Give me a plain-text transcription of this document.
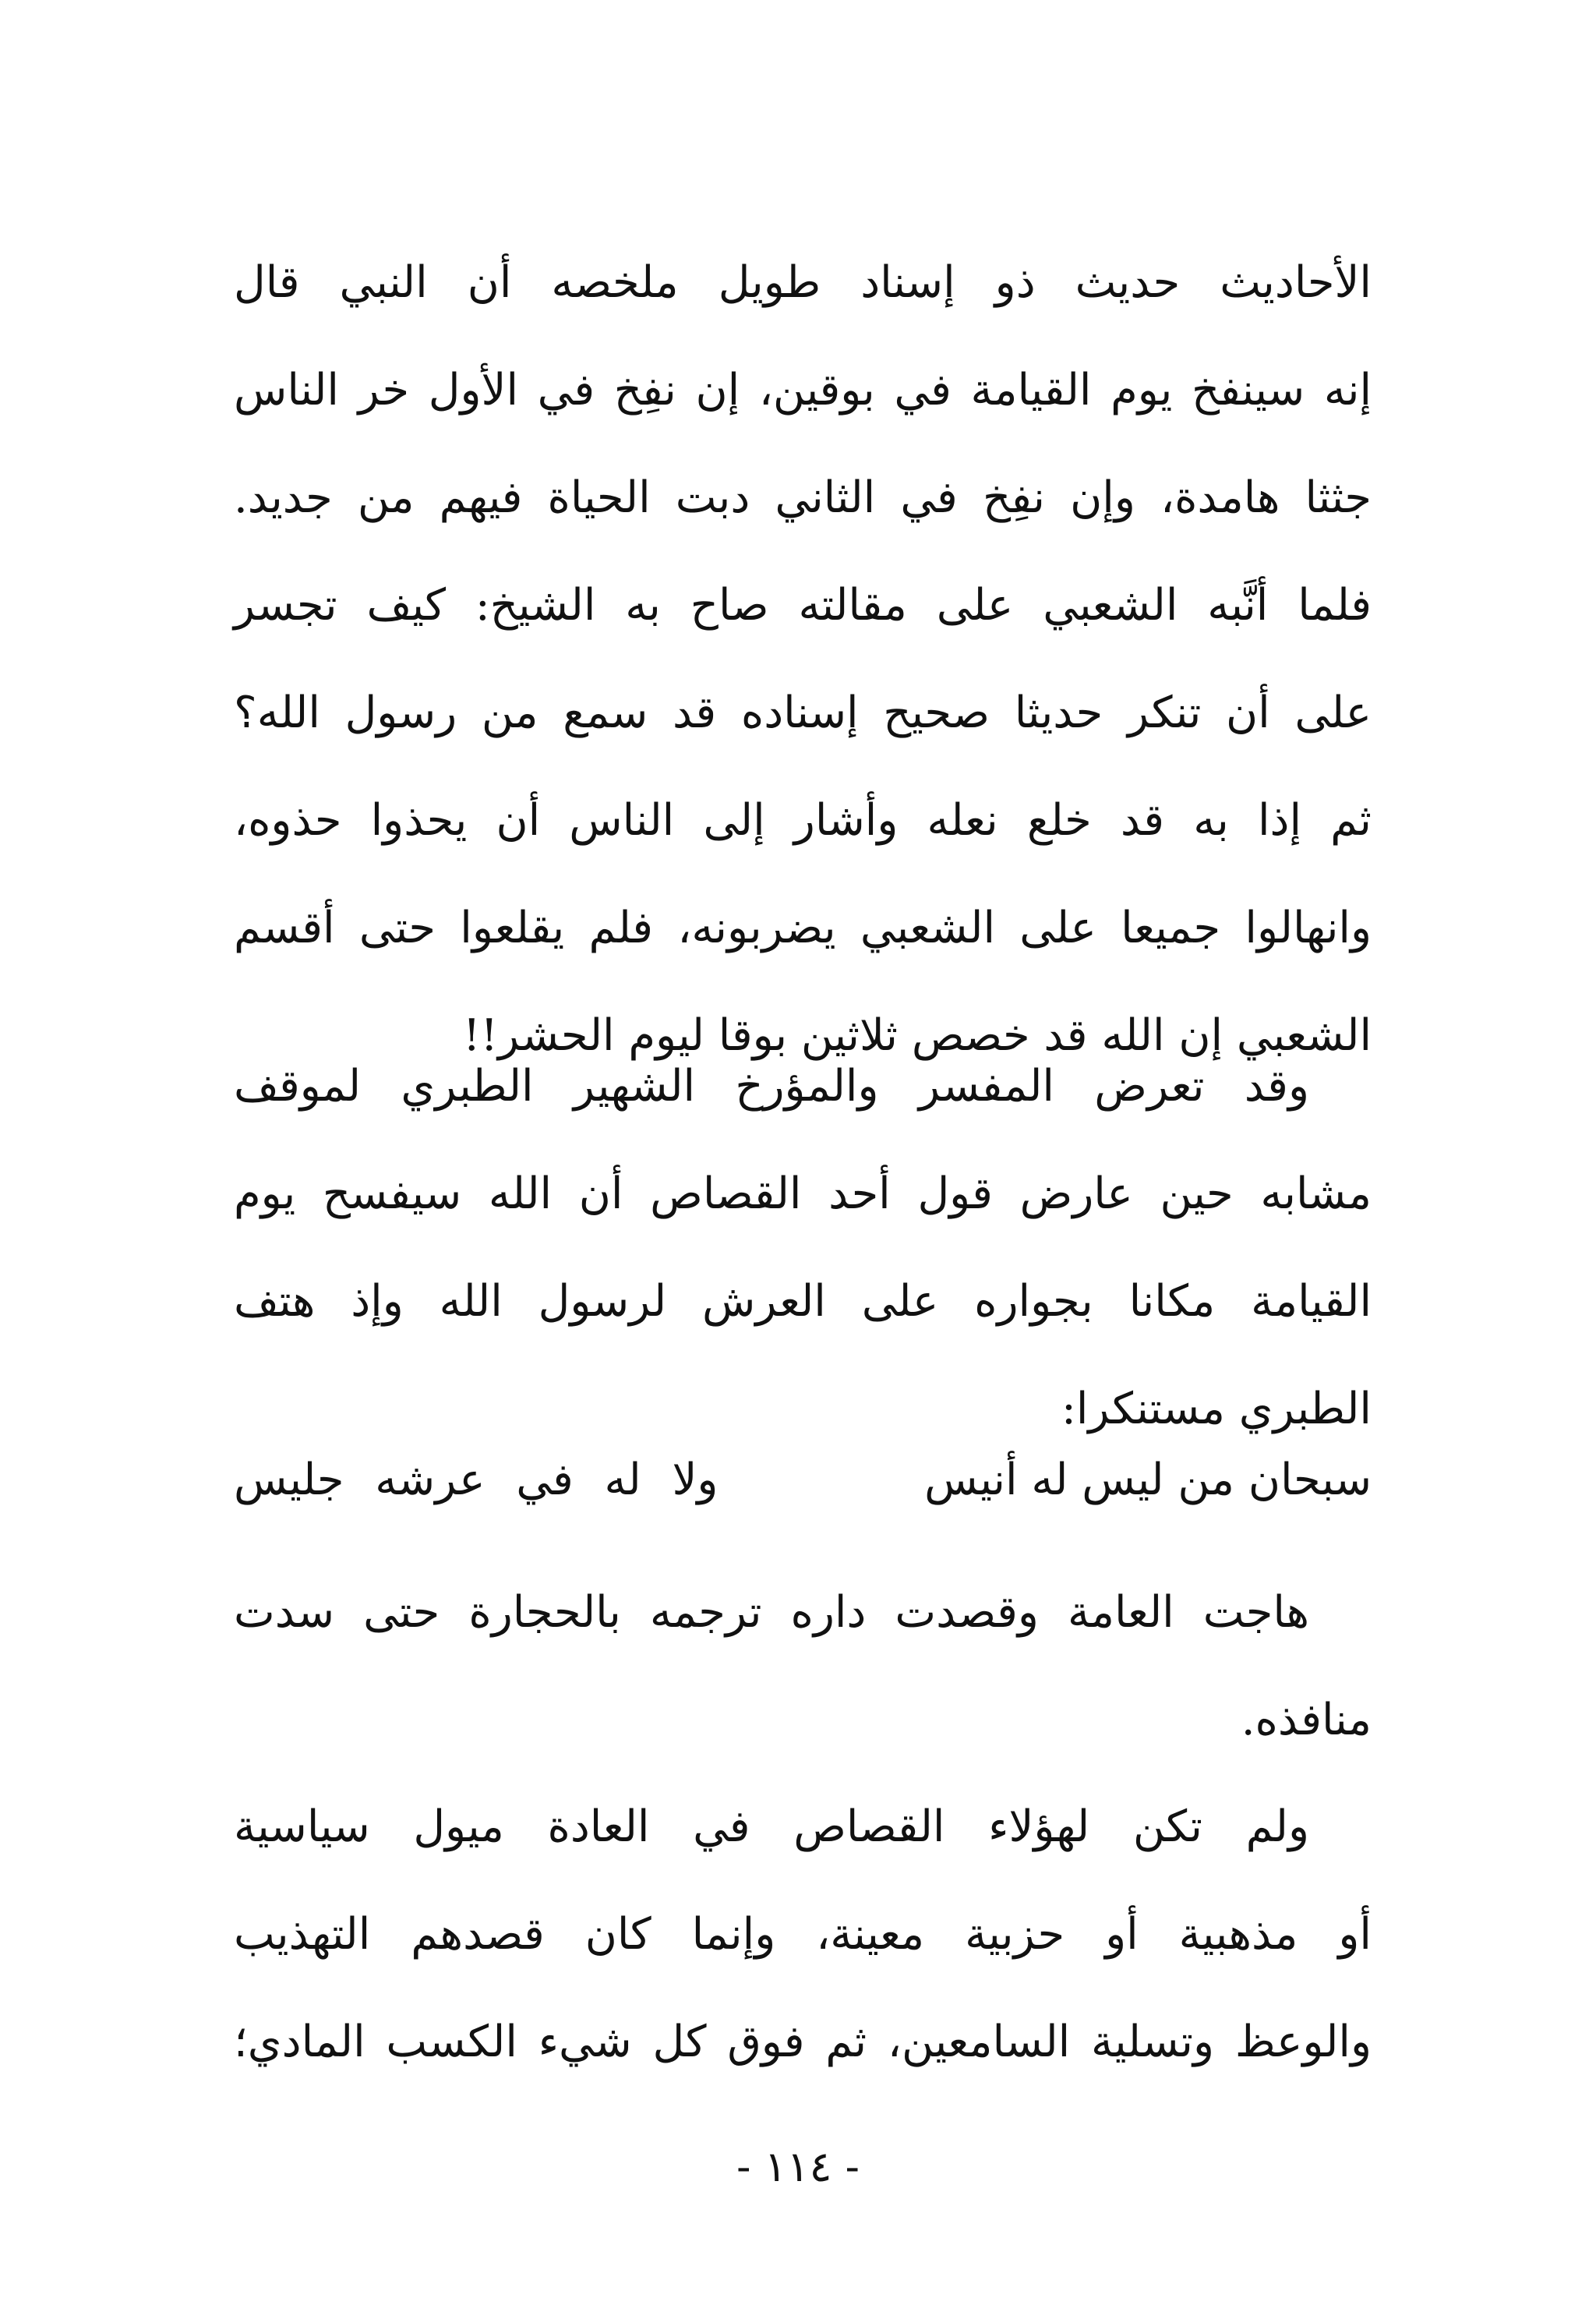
الأحاديث حديث ذو إسناد طويل ملخصه أن النبي قال
إنه سينفخ يوم القيامة في بوقين، إن نفِخ في الأول خر الناس
جثثا هامدة، وإن نفِخ في الثاني دبت الحياة فيهم من جديد.
فلما أنَّبه الشعبي على مقالته صاح به الشيخ: كيف تجسر
على أن تنكر حديثا صحيح إسناده قد سمع من رسول الله؟
ثم إذا به قد خلع نعله وأشار إلى الناس أن يحذوا حذوه،
وانهالوا جميعا على الشعبي يضربونه، فلم يقلعوا حتى أقسم
الشعبي إن الله قد خصص ثلاثين بوقا ليوم الحشر!!
وقد تعرض المفسر والمؤرخ الشهير الطبري لموقف
مشابه حين عارض قول أحد القصاص أن الله سيفسح يوم
القيامة مكانا بجواره على العرش لرسول الله وإذ هتف
الطبري مستنكرا:
سبحان من ليس له أنيس
ولا له في عرشه جليس
هاجت العامة وقصدت داره ترجمه بالحجارة حتى سدت
منافذه.
ولم تكن لهؤلاء القصاص في العادة ميول سياسية
أو مذهبية أو حزبية معينة، وإنما كان قصدهم التهذيب
والوعظ وتسلية السامعين، ثم فوق كل شيء الكسب المادي؛
- ١١٤ -
